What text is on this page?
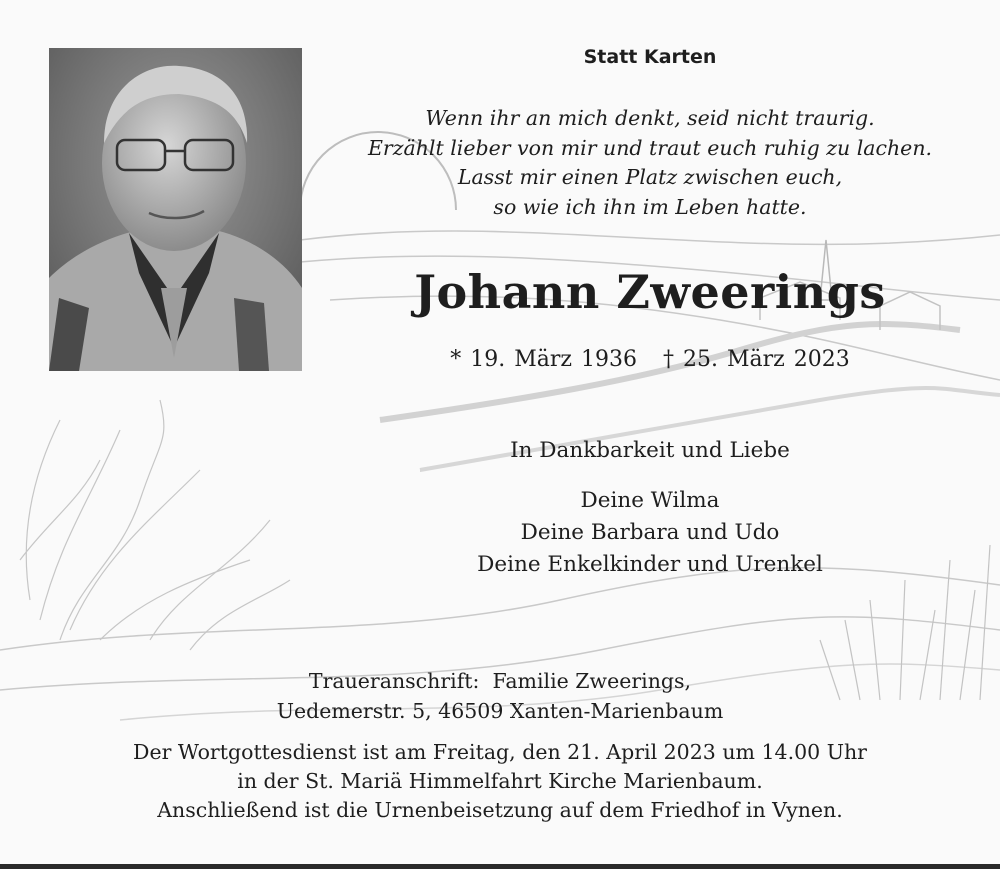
Statt Karten
Wenn ihr an mich denkt, seid nicht traurig.
Erzählt lieber von mir und traut euch ruhig zu lachen.
Lasst mir einen Platz zwischen euch,
so wie ich ihn im Leben hatte.
Johann Zweerings
* 19. März 1936 † 25. März 2023
In Dankbarkeit und Liebe
Deine Wilma
Deine Barbara und Udo
Deine Enkelkinder und Urenkel
Traueranschrift:  Familie Zweerings,
Uedemerstr. 5, 46509 Xanten-Marienbaum
Der Wortgottesdienst ist am Freitag, den 21. April 2023 um 14.00 Uhr
in der St. Mariä Himmelfahrt Kirche Marienbaum.
Anschließend ist die Urnenbeisetzung auf dem Friedhof in Vynen.
